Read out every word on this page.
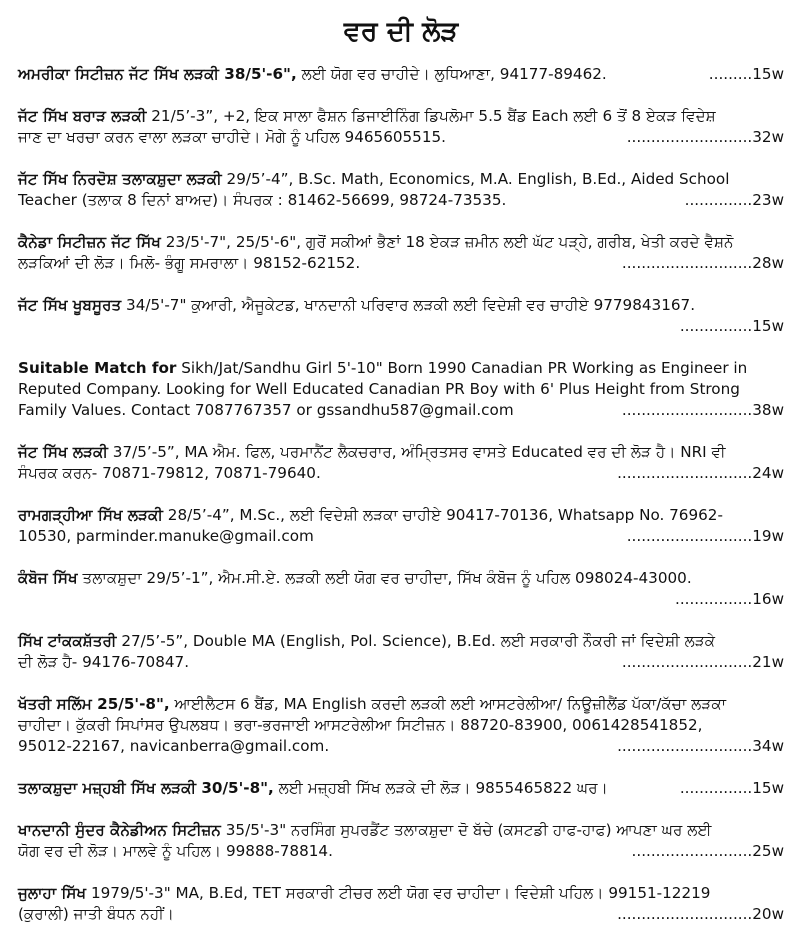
ਵਰ ਦੀ ਲੋੜ
ਅਮਰੀਕਾ ਸਿਟੀਜ਼ਨ ਜੱਟ ਸਿੱਖ ਲੜਕੀ 38/5'-6", ਲਈ ਯੋਗ ਵਰ ਚਾਹੀਦੇ। ਲੁਧਿਆਣਾ, 94177-89462.	.........15w
ਜੱਟ ਸਿੱਖ ਬਰਾੜ ਲੜਕੀ 21/5’-3”, +2, ਇਕ ਸਾਲਾ ਫੈਸ਼ਨ ਡਿਜਾਈਨਿੰਗ ਡਿਪਲੋਮਾ 5.5 ਬੈਂਡ Each ਲਈ 6 ਤੋਂ 8 ਏਕੜ ਵਿਦੇਸ਼
ਜਾਣ ਦਾ ਖਰਚਾ ਕਰਨ ਵਾਲਾ ਲੜਕਾ ਚਾਹੀਦੇ। ਮੋਗੇ ਨੂੰ ਪਹਿਲ 9465605515.	..........................32w
ਜੱਟ ਸਿੱਖ ਨਿਰਦੋਸ਼ ਤਲਾਕਸ਼ੁਦਾ ਲੜਕੀ 29/5’-4”, B.Sc. Math, Economics, M.A. English, B.Ed., Aided School
Teacher (ਤਲਾਕ 8 ਦਿਨਾਂ ਬਾਅਦ)। ਸੰਪਰਕ : 81462-56699, 98724-73535.	..............23w
ਕੈਨੇਡਾ ਸਿਟੀਜ਼ਨ ਜੱਟ ਸਿੱਖ 23/5'-7", 25/5'-6", ਗੁਰੋਂ ਸਕੀਆਂ ਭੈਣਾਂ 18 ਏਕੜ ਜ਼ਮੀਨ ਲਈ ਘੱਟ ਪੜ੍ਹੇ, ਗਰੀਬ, ਖੇਤੀ ਕਰਦੇ ਵੈਸ਼ਨੋ
ਲੜਕਿਆਂ ਦੀ ਲੋੜ। ਮਿਲੋ- ਭੰਗੂ ਸਮਰਾਲਾ। 98152-62152.	...........................28w
ਜੱਟ ਸਿੱਖ ਖੂਬਸੂਰਤ 34/5'-7" ਕੁਆਰੀ, ਐਜੂਕੇਟਡ, ਖਾਨਦਾਨੀ ਪਰਿਵਾਰ ਲੜਕੀ ਲਈ ਵਿਦੇਸ਼ੀ ਵਰ ਚਾਹੀਏ 9779843167.
...............15w
Suitable Match for Sikh/Jat/Sandhu Girl 5'-10" Born 1990 Canadian PR Working as Engineer in
Reputed Company. Looking for Well Educated Canadian PR Boy with 6' Plus Height from Strong
Family Values. Contact 7087767357 or gssandhu587@gmail.com	...........................38w
ਜੱਟ ਸਿੱਖ ਲੜਕੀ 37/5’-5”, MA ਐਮ. ਫਿਲ, ਪਰਮਾਨੈਂਟ ਲੈਕਚਰਾਰ, ਅੰਮ੍ਰਿਤਸਰ ਵਾਸਤੇ Educated ਵਰ ਦੀ ਲੋੜ ਹੈ। NRI ਵੀ
ਸੰਪਰਕ ਕਰਨ- 70871-79812, 70871-79640.	............................24w
ਰਾਮਗੜ੍ਹੀਆ ਸਿੱਖ ਲੜਕੀ 28/5’-4”, M.Sc., ਲਈ ਵਿਦੇਸ਼ੀ ਲੜਕਾ ਚਾਹੀਏ 90417-70136, Whatsapp No. 76962-
10530, parminder.manuke@gmail.com	..........................19w
ਕੰਬੋਜ ਸਿੱਖ ਤਲਾਕਸ਼ੁਦਾ 29/5’-1”, ਐਮ.ਸੀ.ਏ. ਲੜਕੀ ਲਈ ਯੋਗ ਵਰ ਚਾਹੀਦਾ, ਸਿੱਖ ਕੰਬੋਜ ਨੂੰ ਪਹਿਲ 098024-43000.
................16w
ਸਿੱਖ ਟਾਂਕਕਸ਼ੱਤਰੀ 27/5’-5”, Double MA (English, Pol. Science), B.Ed. ਲਈ ਸਰਕਾਰੀ ਨੌਕਰੀ ਜਾਂ ਵਿਦੇਸ਼ੀ ਲੜਕੇ
ਦੀ ਲੋੜ ਹੈ- 94176-70847.	...........................21w
ਖੱਤਰੀ ਸਲਿੱਮ 25/5'-8", ਆਈਲੈਟਸ 6 ਬੈਂਡ, MA English ਕਰਦੀ ਲੜਕੀ ਲਈ ਆਸਟਰੇਲੀਆ/ ਨਿਊਜ਼ੀਲੈਂਡ ਪੱਕਾ/ਕੱਚਾ ਲੜਕਾ
ਚਾਹੀਦਾ। ਕੁੱਕਰੀ ਸਿਪਾਂਸਰ ਉਪਲਬਧ। ਭਰਾ-ਭਰਜਾਈ ਆਸਟਰੇਲੀਆ ਸਿਟੀਜ਼ਨ। 88720-83900, 0061428541852,
95012-22167, navicanberra@gmail.com.	............................34w
ਤਲਾਕਸ਼ੁਦਾ ਮਜ਼੍ਹਬੀ ਸਿੱਖ ਲੜਕੀ 30/5'-8", ਲਈ ਮਜ਼੍ਹਬੀ ਸਿੱਖ ਲੜਕੇ ਦੀ ਲੋੜ। 9855465822 ਘਰ।	...............15w
ਖਾਨਦਾਨੀ ਸੁੰਦਰ ਕੈਨੇਡੀਅਨ ਸਿਟੀਜ਼ਨ 35/5'-3" ਨਰਸਿੰਗ ਸੁਪਰਡੈਂਟ ਤਲਾਕਸ਼ੁਦਾ ਦੋ ਬੱਚੇ (ਕਸਟਡੀ ਹਾਫ-ਹਾਫ) ਆਪਣਾ ਘਰ ਲਈ
ਯੋਗ ਵਰ ਦੀ ਲੋੜ। ਮਾਲਵੇ ਨੂੰ ਪਹਿਲ। 99888-78814.	.........................25w
ਜੁਲਾਹਾ ਸਿੱਖ 1979/5'-3" MA, B.Ed, TET ਸਰਕਾਰੀ ਟੀਚਰ ਲਈ ਯੋਗ ਵਰ ਚਾਹੀਦਾ। ਵਿਦੇਸ਼ੀ ਪਹਿਲ। 99151-12219
(ਕੁਰਾਲੀ) ਜਾਤੀ ਬੰਧਨ ਨਹੀਂ।	............................20w
